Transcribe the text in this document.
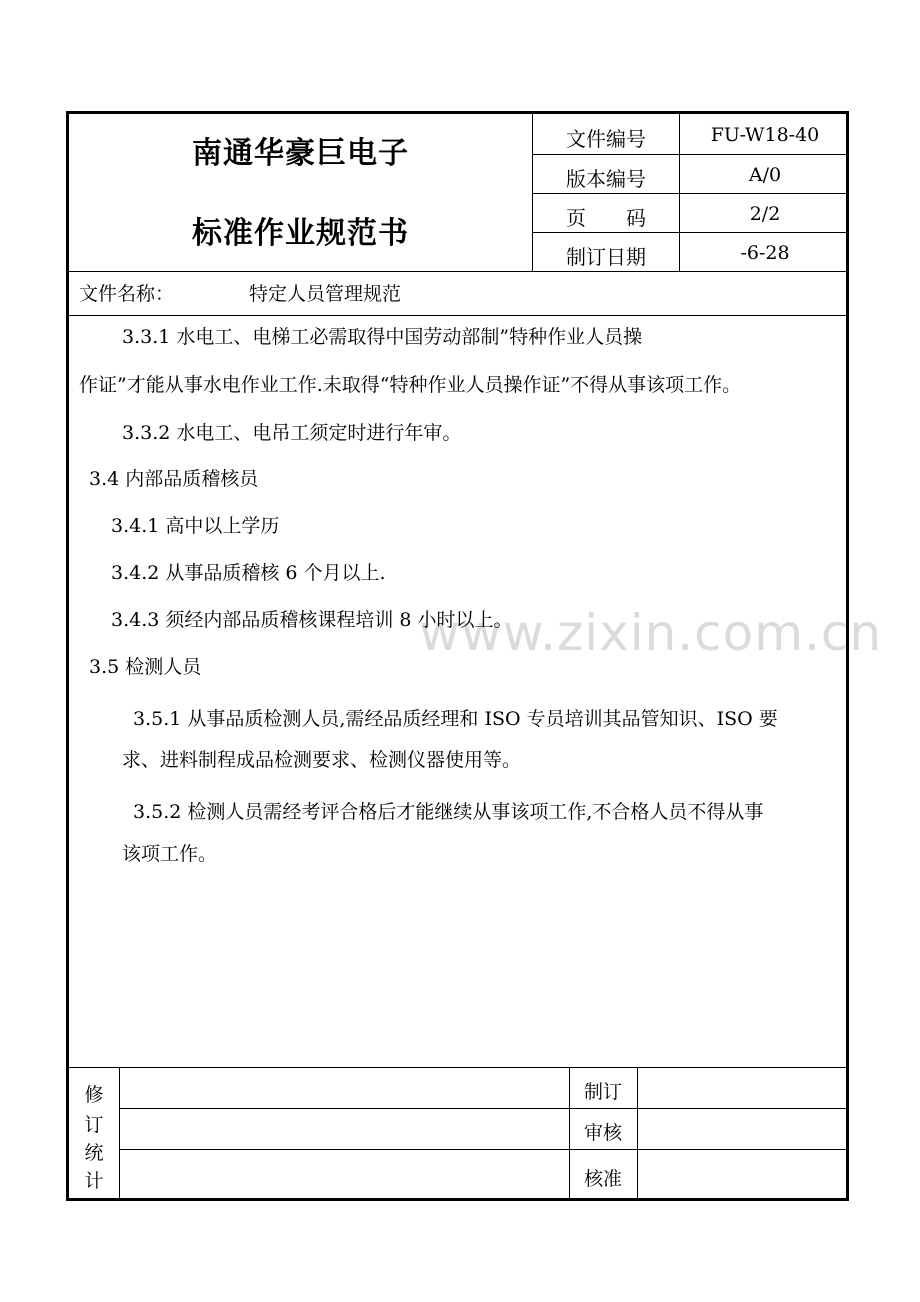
南通华豪巨电子
标准作业规范书
文件编号	FU-W18-40
版本编号	A/0
页　　码	2/2
制订日期	-6-28
文件名称：	特定人员管理规范
www.zixin.com.cn
3.3.1 水电工、电梯工必需取得中国劳动部制”特种作业人员操
作证”才能从事水电作业工作.未取得“特种作业人员操作证”不得从事该项工作。
3.3.2 水电工、电吊工须定时进行年审。
3.4 内部品质稽核员
3.4.1 高中以上学历
3.4.2 从事品质稽核 6 个月以上.
3.4.3 须经内部品质稽核课程培训 8 小时以上。
3.5 检测人员
3.5.1 从事品质检测人员,需经品质经理和 ISO 专员培训其品管知识、ISO 要
求、进料制程成品检测要求、检测仪器使用等。
3.5.2 检测人员需经考评合格后才能继续从事该项工作,不合格人员不得从事
该项工作。
修
订
统
计
制订
审核
核准
